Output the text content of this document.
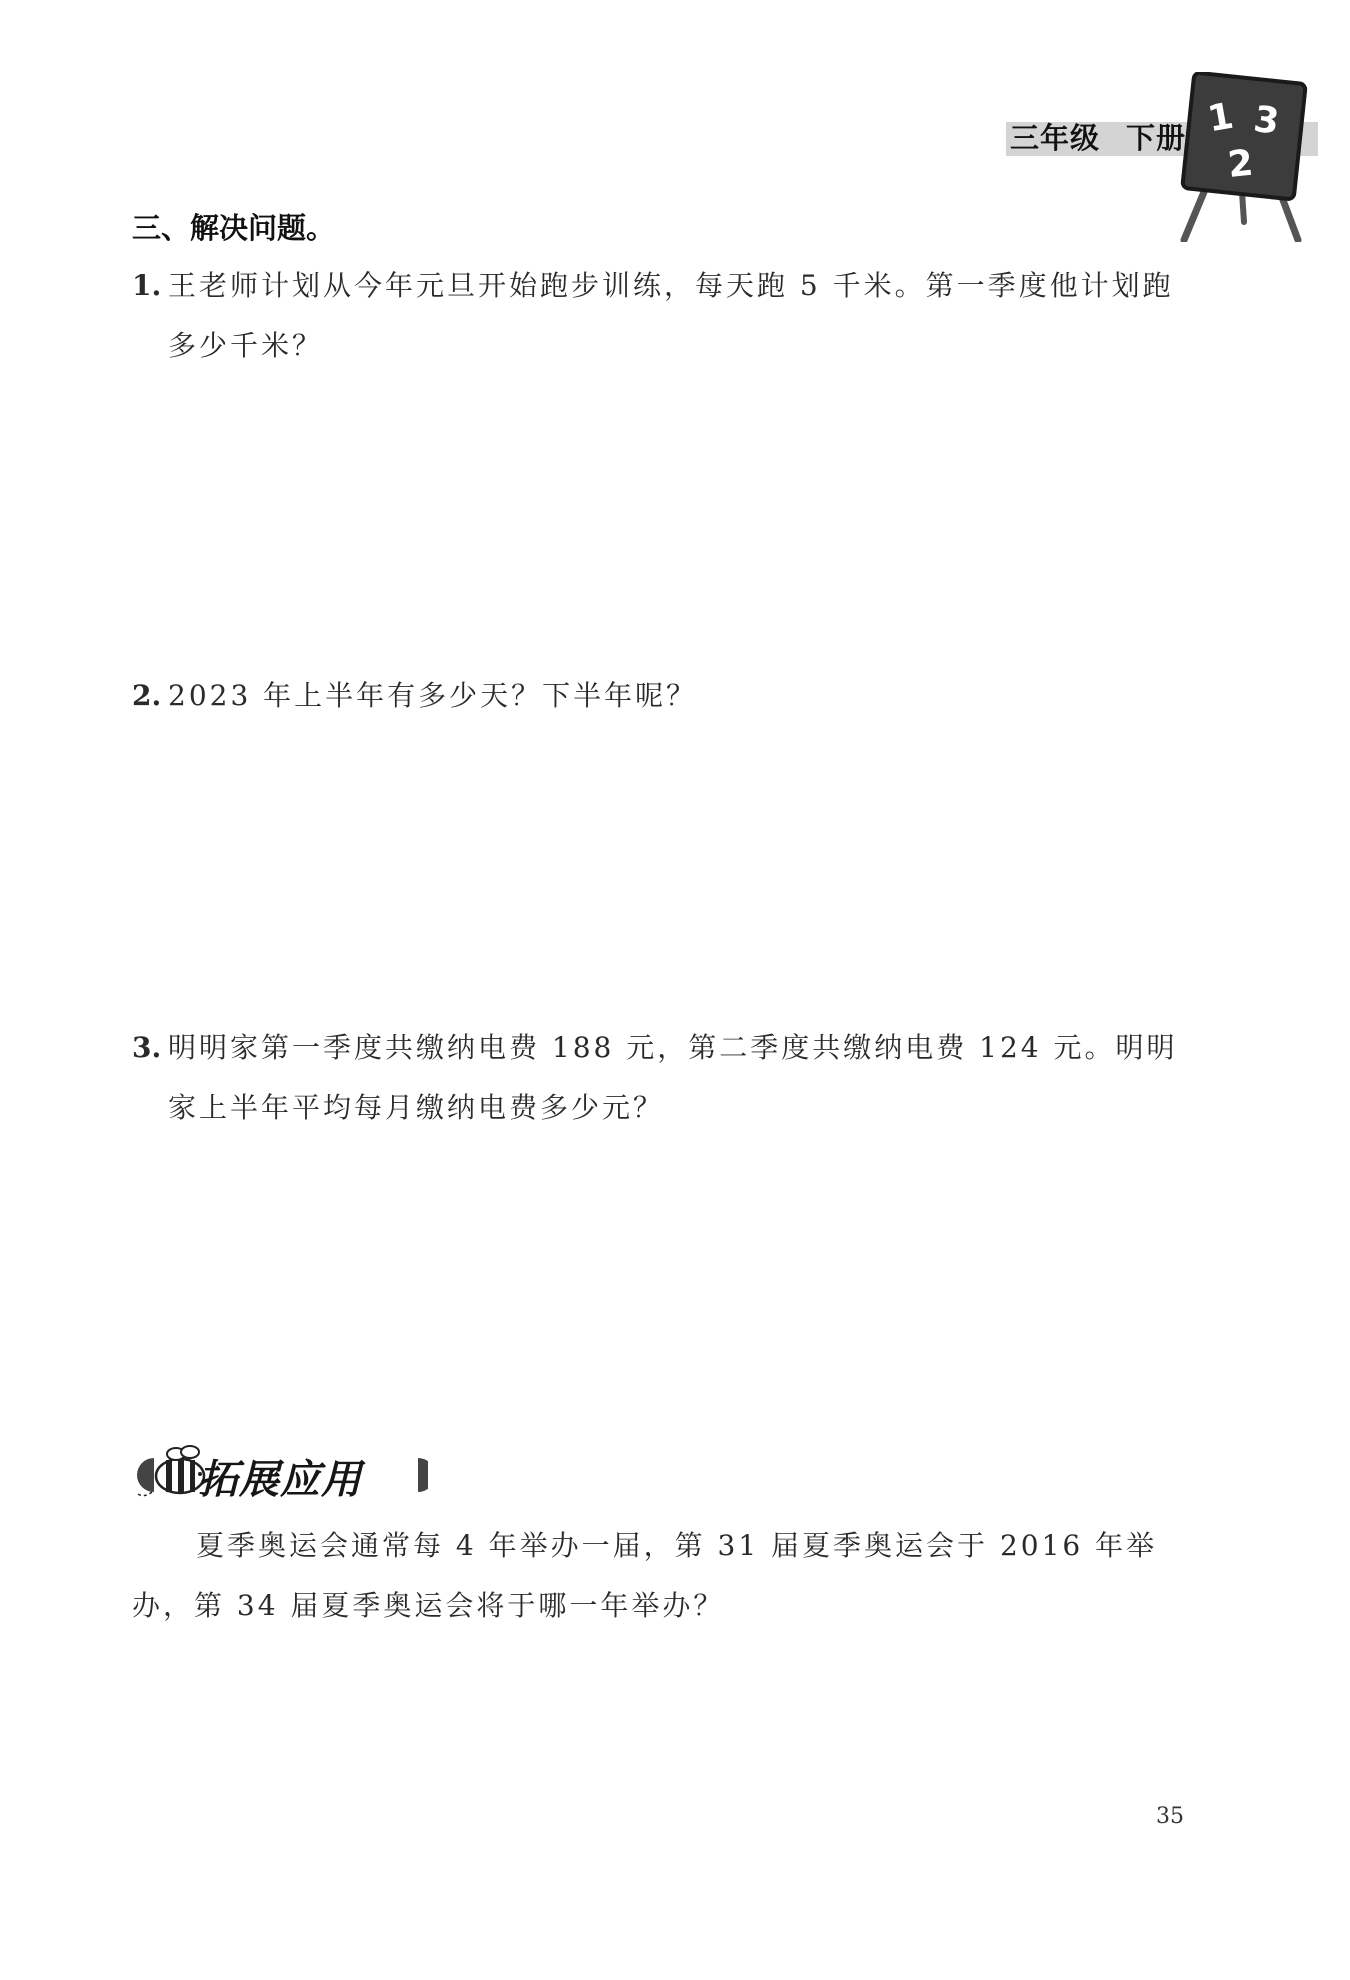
三年级 下册 1 3
2
三、解决问题。
1. 王老师计划从今年元旦开始跑步训练，每天跑 5 千米。第一季度他计划跑多少千米？
2. 2023 年上半年有多少天？下半年呢？
3. 明明家第一季度共缴纳电费 188 元，第二季度共缴纳电费 124 元。明明家上半年平均每月缴纳电费多少元？
拓展应用
夏季奥运会通常每 4 年举办一届，第 31 届夏季奥运会于 2016 年举办，第 34 届夏季奥运会将于哪一年举办？
35
